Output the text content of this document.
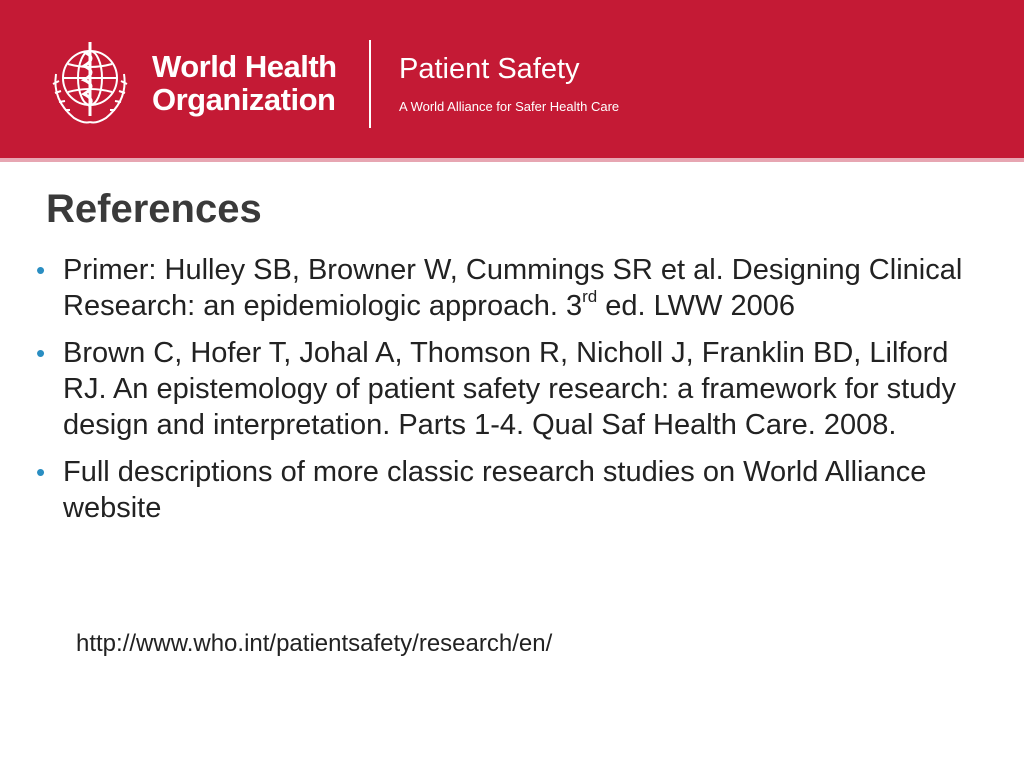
World Health
Organization
Patient Safety
A World Alliance for Safer Health Care
References
• Primer: Hulley SB, Browner W, Cummings SR et al. Designing Clinical Research: an epidemiologic approach. 3rd ed. LWW 2006
• Brown C, Hofer T, Johal A, Thomson R, Nicholl J, Franklin BD, Lilford RJ. An epistemology of patient safety research: a framework for study design and interpretation. Parts 1-4. Qual Saf Health Care. 2008.
• Full descriptions of more classic research studies on World Alliance website
http://www.who.int/patientsafety/research/en/
